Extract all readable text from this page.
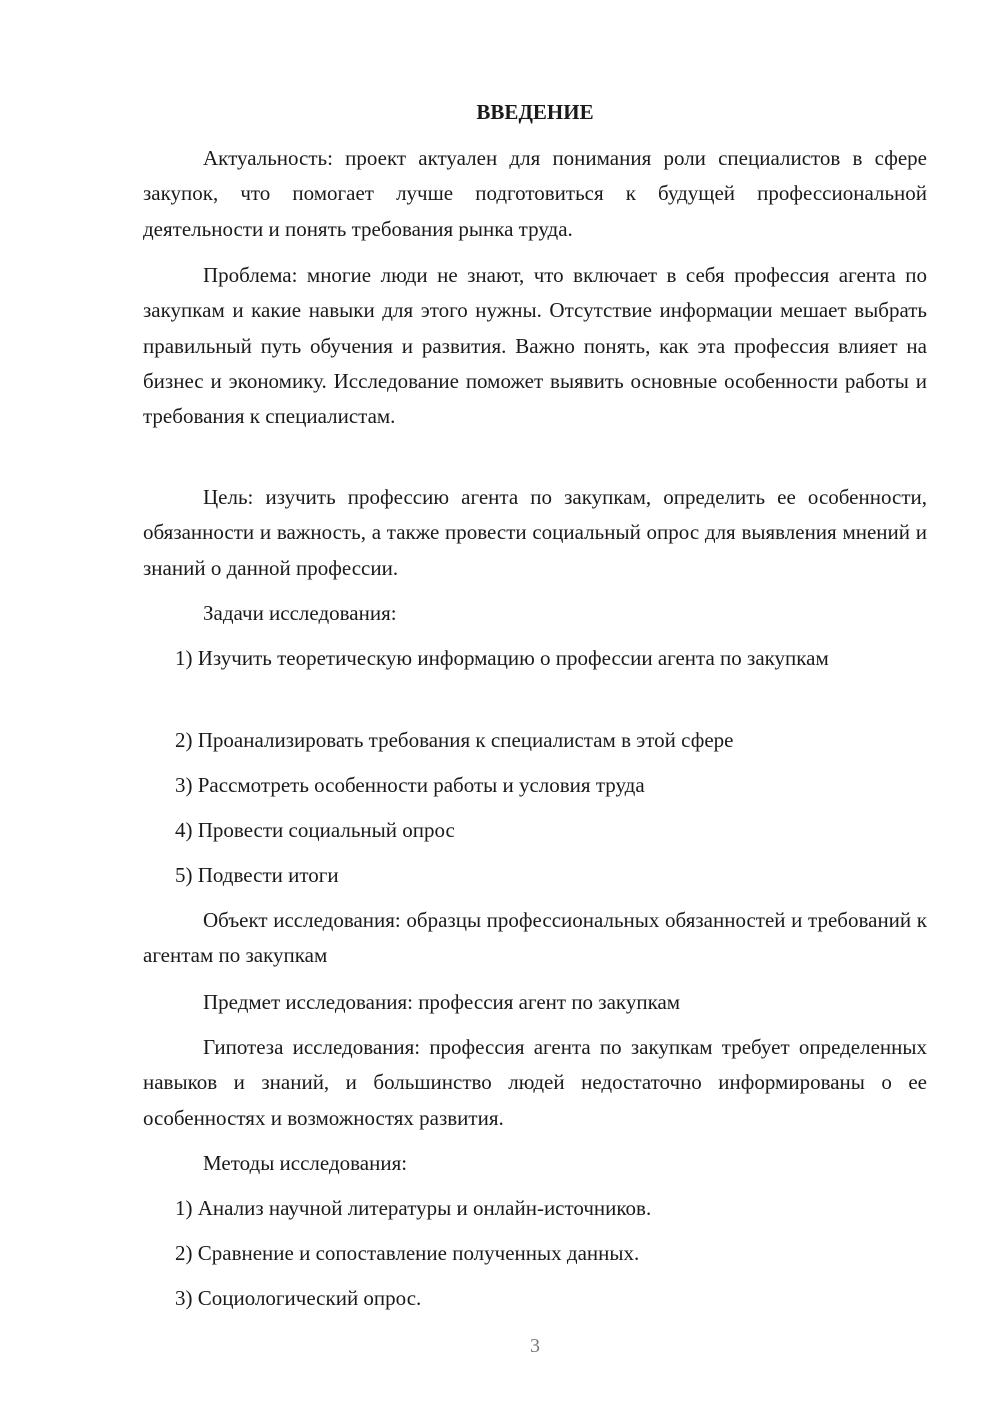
ВВЕДЕНИЕ

Актуальность: проект актуален для понимания роли специалистов в сфере закупок, что помогает лучше подготовиться к будущей профессиональной деятельности и понять требования рынка труда.

Проблема: многие люди не знают, что включает в себя профессия агента по закупкам и какие навыки для этого нужны. Отсутствие информации мешает выбрать правильный путь обучения и развития. Важно понять, как эта профессия влияет на бизнес и экономику. Исследование поможет выявить основные особенности работы и требования к специалистам.

Цель: изучить профессию агента по закупкам, определить ее особенности, обязанности и важность, а также провести социальный опрос для выявления мнений и знаний о данной профессии.

Задачи исследования:

1) Изучить теоретическую информацию о профессии агента по закупкам

2) Проанализировать требования к специалистам в этой сфере

3) Рассмотреть особенности работы и условия труда

4) Провести социальный опрос

5) Подвести итоги

Объект исследования: образцы профессиональных обязанностей и требований к агентам по закупкам

Предмет исследования: профессия агент по закупкам

Гипотеза исследования: профессия агента по закупкам требует определенных навыков и знаний, и большинство людей недостаточно информированы о ее особенностях и возможностях развития.

Методы исследования:

1) Анализ научной литературы и онлайн-источников.

2) Сравнение и сопоставление полученных данных.

3) Социологический опрос.

3
